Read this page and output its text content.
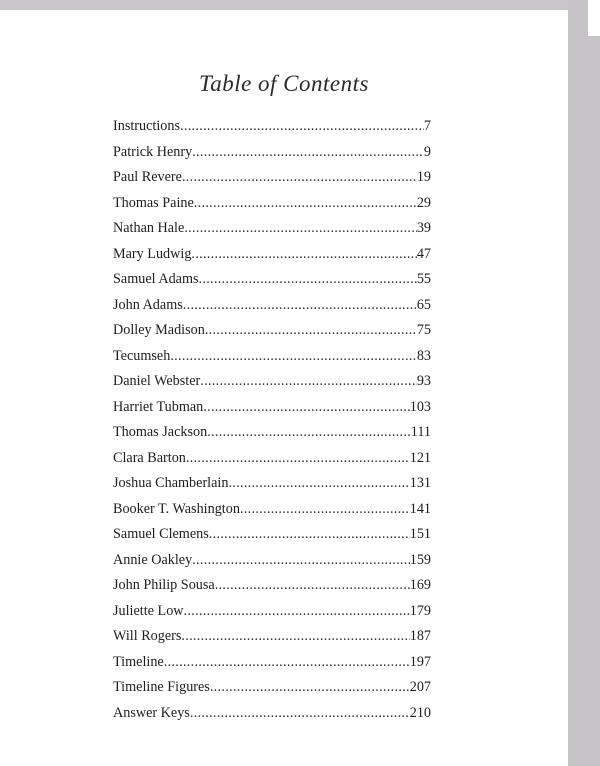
Table of Contents
Instructions .....	7
Patrick Henry .....	9
Paul Revere .....	19
Thomas Paine .....	29
Nathan Hale .....	39
Mary Ludwig .....	47
Samuel Adams .....	55
John Adams .....	65
Dolley Madison .....	75
Tecumseh .....	83
Daniel Webster .....	93
Harriet Tubman .....	103
Thomas Jackson .....	111
Clara Barton .....	121
Joshua Chamberlain .....	131
Booker T. Washington .....	141
Samuel Clemens .....	151
Annie Oakley .....	159
John Philip Sousa .....	169
Juliette Low .....	179
Will Rogers .....	187
Timeline .....	197
Timeline Figures .....	207
Answer Keys .....	210
